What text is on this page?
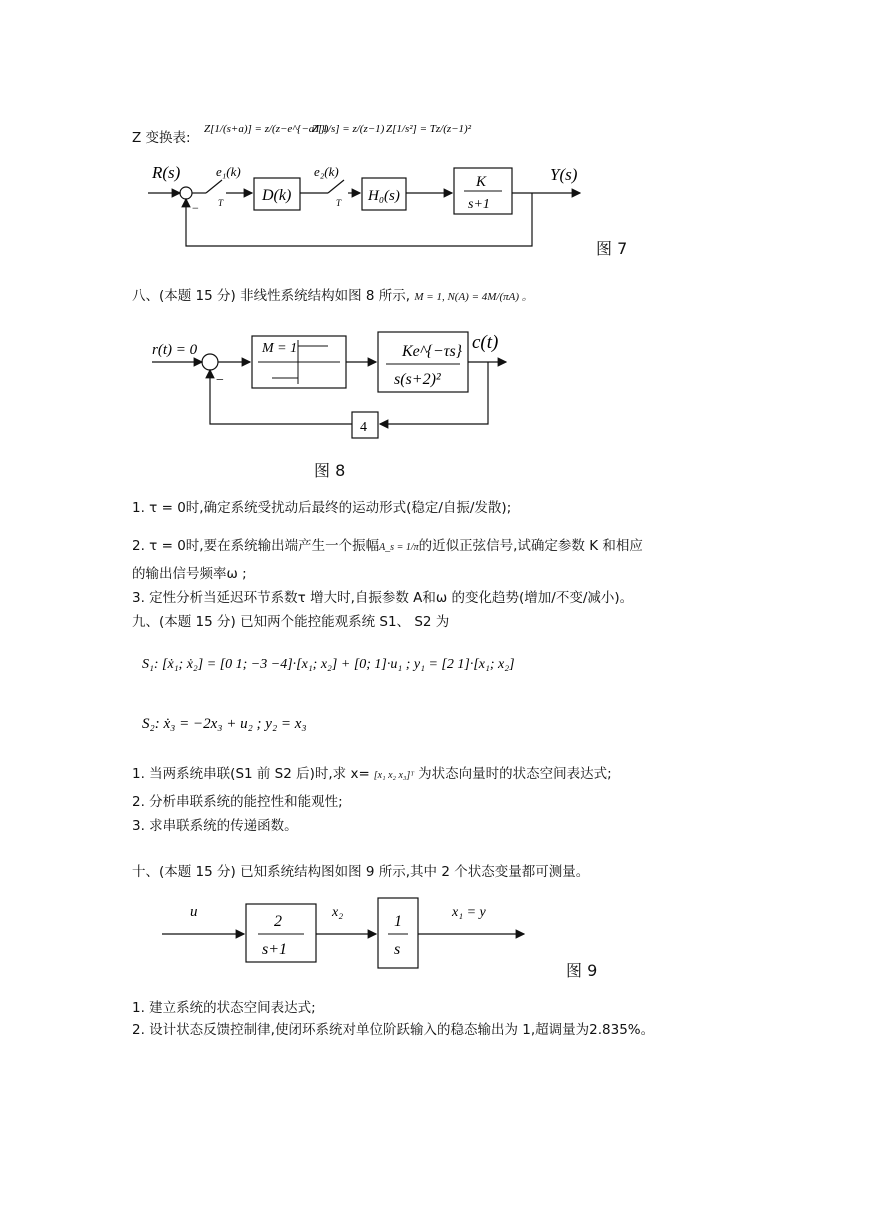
Z 变换表:
Z[1/(s+a)] = z/(z−e^{−aT})
Z[1/s] = z/(z−1) Z[1/s²] = Tz/(z−1)²
R(s)
−
e₁(k)
T D(k)
e₂(k)
T H₀(s)
K
s+1
Y(s)
图 7
八、(本题 15 分) 非线性系统结构如图 8 所示, M = 1, N(A) = 4M/(πA) 。
r(t) = 0
−
M = 1	Ke^{−τs}
s(s+2)²
c(t)
4
图 8
1. τ = 0时,确定系统受扰动后最终的运动形式(稳定/自振/发散);
2. τ = 0时,要在系统输出端产生一个振幅A_s = 1/π的近似正弦信号,试确定参数 K 和相应
的输出信号频率ω ;
3. 定性分析当延迟环节系数τ 增大时,自振参数 A和ω 的变化趋势(增加/不变/减小)。
九、(本题 15 分) 已知两个能控能观系统 S1、 S2 为
S₁: [ẋ₁; ẋ₂] = [0 1; −3 −4]·[x₁; x₂] + [0; 1]·u₁ ; y₁ = [2 1]·[x₁; x₂]
S₂: ẋ₃ = −2x₃ + u₂ ; y₂ = x₃
1. 当两系统串联(S1 前 S2 后)时,求 x= [x₁ x₂ x₃]ᵀ 为状态向量时的状态空间表达式;
2. 分析串联系统的能控性和能观性;
3. 求串联系统的传递函数。
十、(本题 15 分) 已知系统结构图如图 9 所示,其中 2 个状态变量都可测量。
u
2
s+1
x₂
1
s
x₁ = y
图 9
1. 建立系统的状态空间表达式;
2. 设计状态反馈控制律,使闭环系统对单位阶跃输入的稳态输出为 1,超调量为2.835%。
